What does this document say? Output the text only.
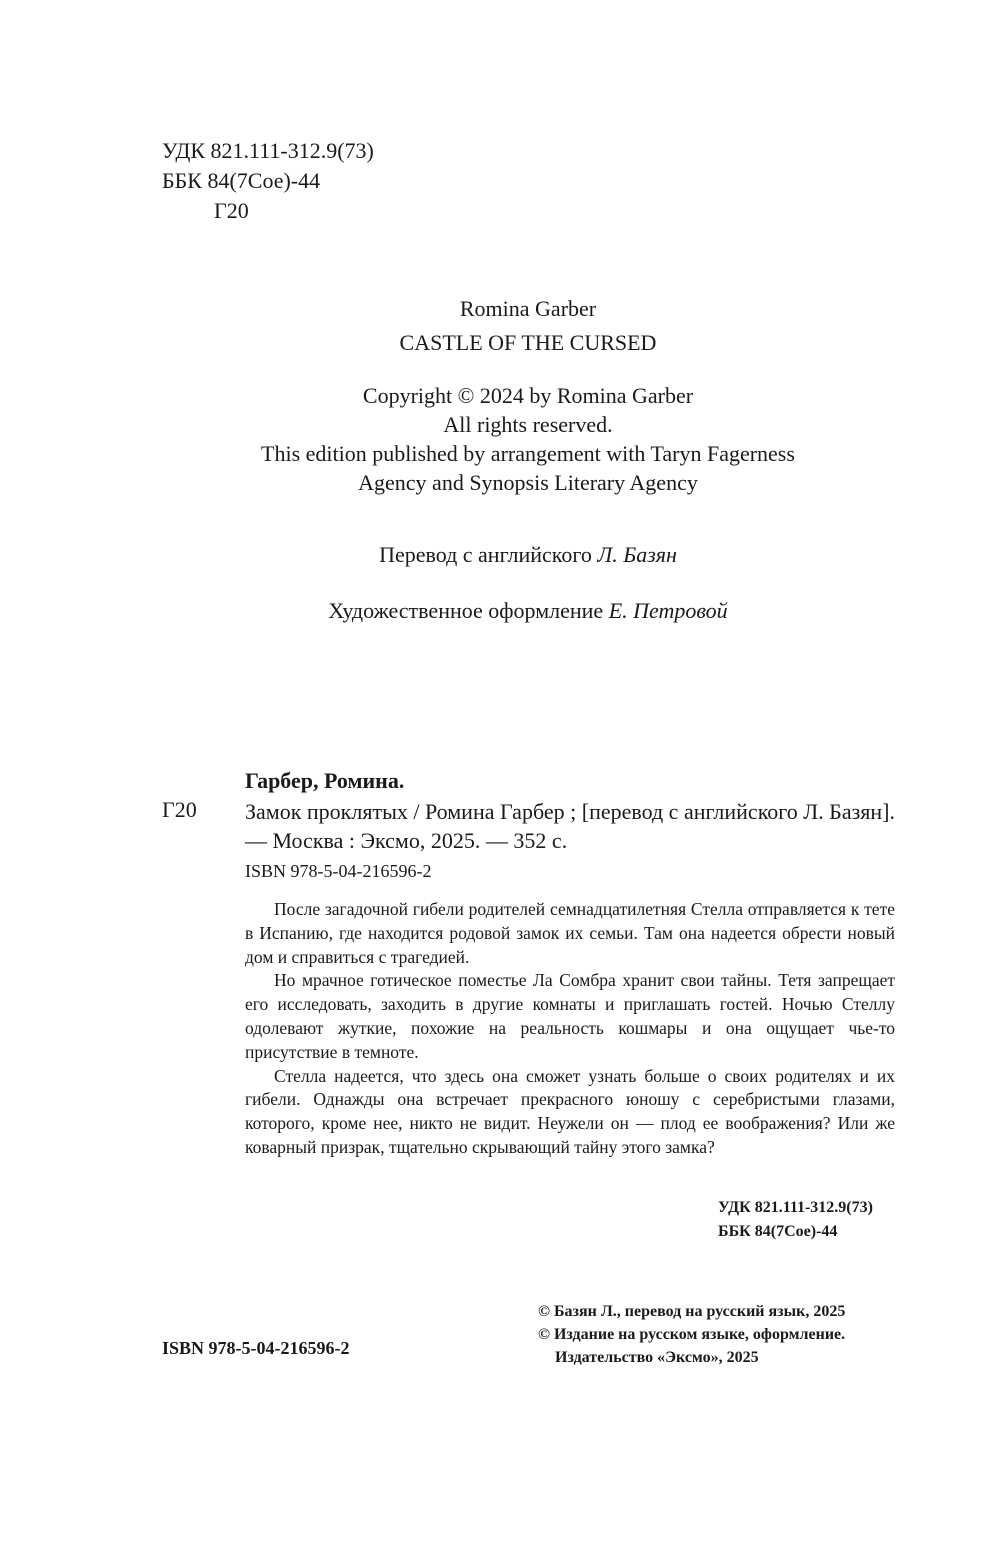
УДК 821.111-312.9(73)
ББК 84(7Сое)-44
Г20
Romina Garber
CASTLE OF THE CURSED
Copyright © 2024 by Romina Garber
All rights reserved.
This edition published by arrangement with Taryn Fagerness
Agency and Synopsis Literary Agency
Перевод с английского Л. Базян
Художественное оформление Е. Петровой
Гарбер, Ромина.
Г20 Замок проклятых / Ромина Гарбер ; [перевод с английского Л. Базян]. — Москва : Эксмо, 2025. — 352 с.
ISBN 978-5-04-216596-2

После загадочной гибели родителей семнадцатилетняя Стелла отправляется к тете в Испанию, где находится родовой замок их семьи. Там она надеется обрести новый дом и справиться с трагедией.

Но мрачное готическое поместье Ла Сомбра хранит свои тайны. Тетя запрещает его исследовать, заходить в другие комнаты и приглашать гостей. Ночью Стеллу одолевают жуткие, похожие на реальность кошмары и она ощущает чье-то присутствие в темноте.

Стелла надеется, что здесь она сможет узнать больше о своих родителях и их гибели. Однажды она встречает прекрасного юношу с серебристыми глазами, которого, кроме нее, никто не видит. Неужели он — плод ее воображения? Или же коварный призрак, тщательно скрывающий тайну этого замка?

УДК 821.111-312.9(73)
ББК 84(7Сое)-44
ISBN 978-5-04-216596-2
© Базян Л., перевод на русский язык, 2025
© Издание на русском языке, оформление.
Издательство «Эксмо», 2025
